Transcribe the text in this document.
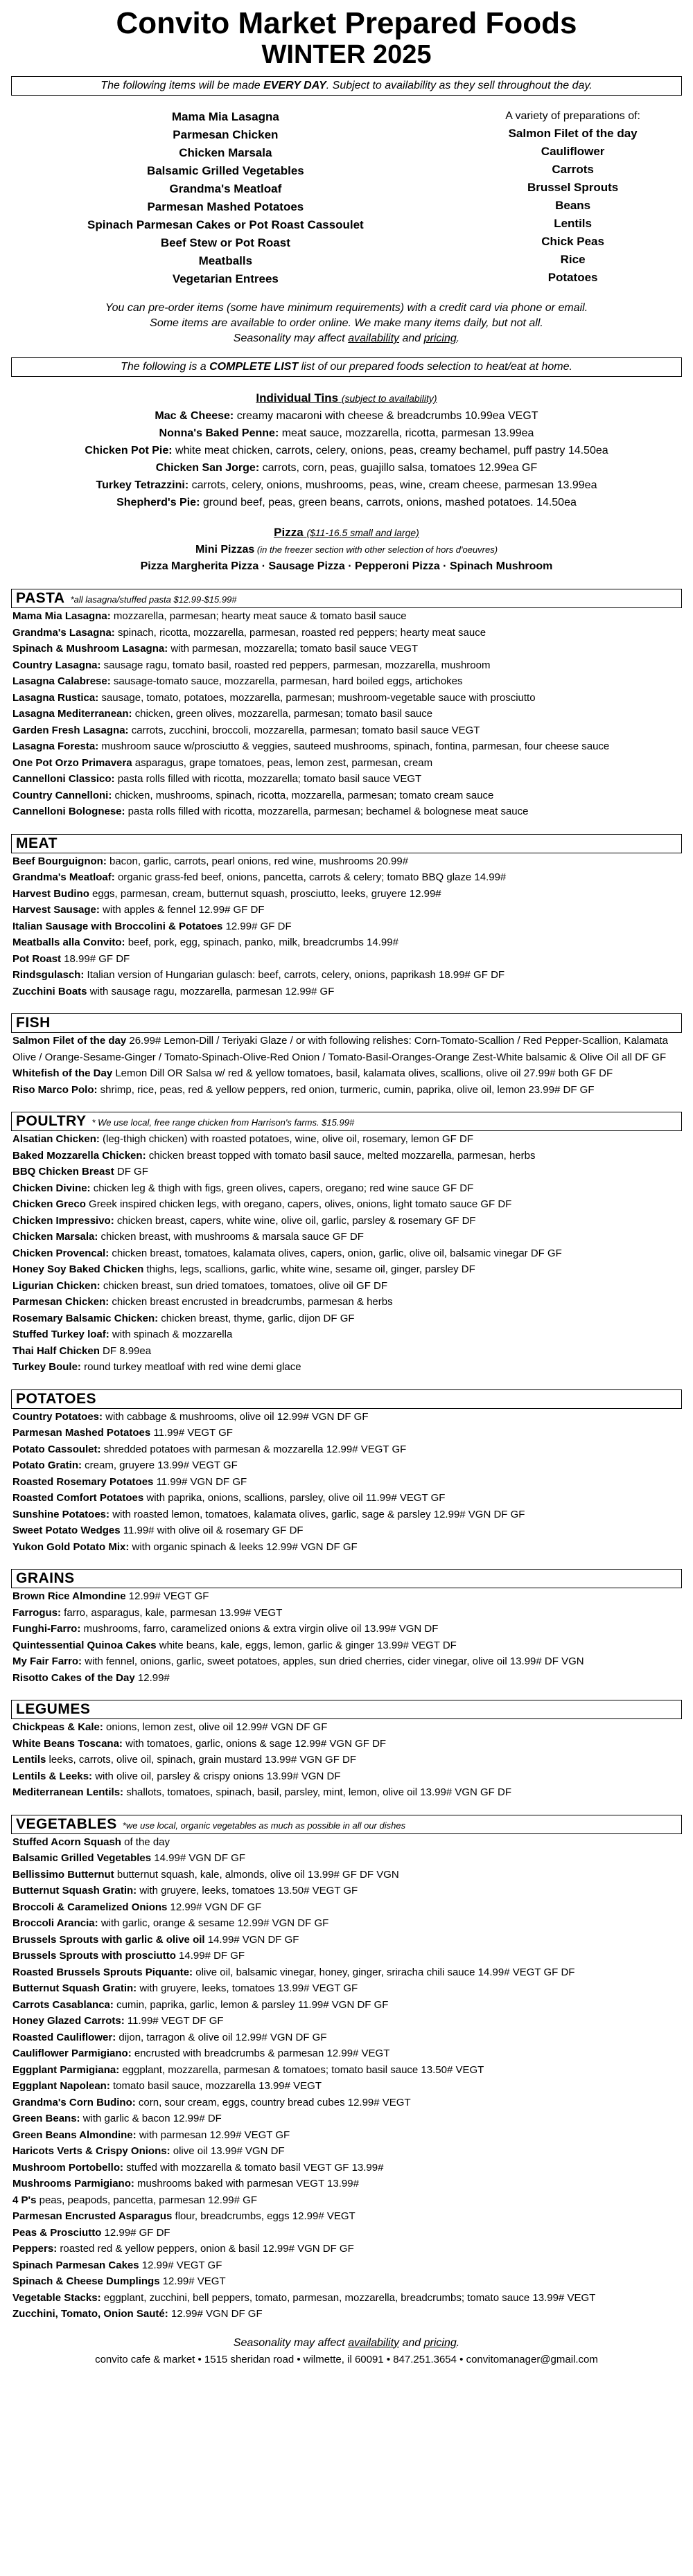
Convito Market Prepared Foods
WINTER 2025
The following items will be made EVERY DAY. Subject to availability as they sell throughout the day.
Mama Mia Lasagna
Parmesan Chicken
Chicken Marsala
Balsamic Grilled Vegetables
Grandma's Meatloaf
Parmesan Mashed Potatoes
Spinach Parmesan Cakes or Pot Roast Cassoulet
Beef Stew or Pot Roast
Meatballs
Vegetarian Entrees
A variety of preparations of:
Salmon Filet of the day
Cauliflower
Carrots
Brussel Sprouts
Beans
Lentils
Chick Peas
Rice
Potatoes
You can pre-order items (some have minimum requirements) with a credit card via phone or email.
Some items are available to order online. We make many items daily, but not all.
Seasonality may affect availability and pricing.
The following is a COMPLETE LIST list of our prepared foods selection to heat/eat at home.
Individual Tins (subject to availability)
Mac & Cheese: creamy macaroni with cheese & breadcrumbs 10.99ea VEGT
Nonna's Baked Penne: meat sauce, mozzarella, ricotta, parmesan 13.99ea
Chicken Pot Pie: white meat chicken, carrots, celery, onions, peas, creamy bechamel, puff pastry 14.50ea
Chicken San Jorge: carrots, corn, peas, guajillo salsa, tomatoes 12.99ea GF
Turkey Tetrazzini: carrots, celery, onions, mushrooms, peas, wine, cream cheese, parmesan 13.99ea
Shepherd's Pie: ground beef, peas, green beans, carrots, onions, mashed potatoes. 14.50ea
Pizza ($11-16.5 small and large)
Mini Pizzas (in the freezer section with other selection of hors d'oeuvres)
Pizza Margherita Pizza · Sausage Pizza · Pepperoni Pizza · Spinach Mushroom
PASTA *all lasagna/stuffed pasta $12.99-$15.99#
Mama Mia Lasagna: mozzarella, parmesan; hearty meat sauce & tomato basil sauce
Grandma's Lasagna: spinach, ricotta, mozzarella, parmesan, roasted red peppers; hearty meat sauce
Spinach & Mushroom Lasagna: with parmesan, mozzarella; tomato basil sauce VEGT
Country Lasagna: sausage ragu, tomato basil, roasted red peppers, parmesan, mozzarella, mushroom
Lasagna Calabrese: sausage-tomato sauce, mozzarella, parmesan, hard boiled eggs, artichokes
Lasagna Rustica: sausage, tomato, potatoes, mozzarella, parmesan; mushroom-vegetable sauce with prosciutto
Lasagna Mediterranean: chicken, green olives, mozzarella, parmesan; tomato basil sauce
Garden Fresh Lasagna: carrots, zucchini, broccoli, mozzarella, parmesan; tomato basil sauce VEGT
Lasagna Foresta: mushroom sauce w/prosciutto & veggies, sauteed mushrooms, spinach, fontina, parmesan, four cheese sauce
One Pot Orzo Primavera asparagus, grape tomatoes, peas, lemon zest, parmesan, cream
Cannelloni Classico: pasta rolls filled with ricotta, mozzarella; tomato basil sauce VEGT
Country Cannelloni: chicken, mushrooms, spinach, ricotta, mozzarella, parmesan; tomato cream sauce
Cannelloni Bolognese: pasta rolls filled with ricotta, mozzarella, parmesan; bechamel & bolognese meat sauce
MEAT
Beef Bourguignon: bacon, garlic, carrots, pearl onions, red wine, mushrooms 20.99#
Grandma's Meatloaf: organic grass-fed beef, onions, pancetta, carrots & celery; tomato BBQ glaze 14.99#
Harvest Budino eggs, parmesan, cream, butternut squash, prosciutto, leeks, gruyere 12.99#
Harvest Sausage: with apples & fennel 12.99# GF DF
Italian Sausage with Broccolini & Potatoes 12.99# GF DF
Meatballs alla Convito: beef, pork, egg, spinach, panko, milk, breadcrumbs 14.99#
Pot Roast 18.99# GF DF
Rindsgulasch: Italian version of Hungarian gulasch: beef, carrots, celery, onions, paprikash 18.99# GF DF
Zucchini Boats with sausage ragu, mozzarella, parmesan 12.99# GF
FISH
Salmon Filet of the day 26.99# Lemon-Dill / Teriyaki Glaze / or with following relishes: Corn-Tomato-Scallion / Red Pepper-Scallion, Kalamata Olive / Orange-Sesame-Ginger / Tomato-Spinach-Olive-Red Onion / Tomato-Basil-Oranges-Orange Zest-White balsamic & Olive Oil all DF GF
Whitefish of the Day Lemon Dill OR Salsa w/ red & yellow tomatoes, basil, kalamata olives, scallions, olive oil 27.99# both GF DF
Riso Marco Polo: shrimp, rice, peas, red & yellow peppers, red onion, turmeric, cumin, paprika, olive oil, lemon 23.99# DF GF
POULTRY * We use local, free range chicken from Harrison's farms. $15.99#
Alsatian Chicken: (leg-thigh chicken) with roasted potatoes, wine, olive oil, rosemary, lemon GF DF
Baked Mozzarella Chicken: chicken breast topped with tomato basil sauce, melted mozzarella, parmesan, herbs
BBQ Chicken Breast DF GF
Chicken Divine: chicken leg & thigh with figs, green olives, capers, oregano; red wine sauce GF DF
Chicken Greco Greek inspired chicken legs, with oregano, capers, olives, onions, light tomato sauce GF DF
Chicken Impressivo: chicken breast, capers, white wine, olive oil, garlic, parsley & rosemary GF DF
Chicken Marsala: chicken breast, with mushrooms & marsala sauce GF DF
Chicken Provencal: chicken breast, tomatoes, kalamata olives, capers, onion, garlic, olive oil, balsamic vinegar DF GF
Honey Soy Baked Chicken thighs, legs, scallions, garlic, white wine, sesame oil, ginger, parsley DF
Ligurian Chicken: chicken breast, sun dried tomatoes, tomatoes, olive oil GF DF
Parmesan Chicken: chicken breast encrusted in breadcrumbs, parmesan & herbs
Rosemary Balsamic Chicken: chicken breast, thyme, garlic, dijon DF GF
Stuffed Turkey loaf: with spinach & mozzarella
Thai Half Chicken DF 8.99ea
Turkey Boule: round turkey meatloaf with red wine demi glace
POTATOES
Country Potatoes: with cabbage & mushrooms, olive oil 12.99# VGN DF GF
Parmesan Mashed Potatoes 11.99# VEGT GF
Potato Cassoulet: shredded potatoes with parmesan & mozzarella 12.99# VEGT GF
Potato Gratin: cream, gruyere 13.99# VEGT GF
Roasted Rosemary Potatoes 11.99# VGN DF GF
Roasted Comfort Potatoes with paprika, onions, scallions, parsley, olive oil 11.99# VEGT GF
Sunshine Potatoes: with roasted lemon, tomatoes, kalamata olives, garlic, sage & parsley 12.99# VGN DF GF
Sweet Potato Wedges 11.99# with olive oil & rosemary GF DF
Yukon Gold Potato Mix: with organic spinach & leeks 12.99# VGN DF GF
GRAINS
Brown Rice Almondine 12.99# VEGT GF
Farrogus: farro, asparagus, kale, parmesan 13.99# VEGT
Funghi-Farro: mushrooms, farro, caramelized onions & extra virgin olive oil 13.99# VGN DF
Quintessential Quinoa Cakes white beans, kale, eggs, lemon, garlic & ginger 13.99# VEGT DF
My Fair Farro: with fennel, onions, garlic, sweet potatoes, apples, sun dried cherries, cider vinegar, olive oil 13.99# DF VGN
Risotto Cakes of the Day 12.99#
LEGUMES
Chickpeas & Kale: onions, lemon zest, olive oil 12.99# VGN DF GF
White Beans Toscana: with tomatoes, garlic, onions & sage 12.99# VGN GF DF
Lentils leeks, carrots, olive oil, spinach, grain mustard 13.99# VGN GF DF
Lentils & Leeks: with olive oil, parsley & crispy onions 13.99# VGN DF
Mediterranean Lentils: shallots, tomatoes, spinach, basil, parsley, mint, lemon, olive oil 13.99# VGN GF DF
VEGETABLES *we use local, organic vegetables as much as possible in all our dishes
Stuffed Acorn Squash of the day
Balsamic Grilled Vegetables 14.99# VGN DF GF
Bellissimo Butternut butternut squash, kale, almonds, olive oil 13.99# GF DF VGN
Butternut Squash Gratin: with gruyere, leeks, tomatoes 13.50# VEGT GF
Broccoli & Caramelized Onions 12.99# VGN DF GF
Broccoli Arancia: with garlic, orange & sesame 12.99# VGN DF GF
Brussels Sprouts with garlic & olive oil 14.99# VGN DF GF
Brussels Sprouts with prosciutto 14.99# DF GF
Roasted Brussels Sprouts Piquante: olive oil, balsamic vinegar, honey, ginger, sriracha chili sauce 14.99# VEGT GF DF
Butternut Squash Gratin: with gruyere, leeks, tomatoes 13.99# VEGT GF
Carrots Casablanca: cumin, paprika, garlic, lemon & parsley 11.99# VGN DF GF
Honey Glazed Carrots: 11.99# VEGT DF GF
Roasted Cauliflower: dijon, tarragon & olive oil 12.99# VGN DF GF
Cauliflower Parmigiano: encrusted with breadcrumbs & parmesan 12.99# VEGT
Eggplant Parmigiana: eggplant, mozzarella, parmesan & tomatoes; tomato basil sauce 13.50# VEGT
Eggplant Napolean: tomato basil sauce, mozzarella 13.99# VEGT
Grandma's Corn Budino: corn, sour cream, eggs, country bread cubes 12.99# VEGT
Green Beans: with garlic & bacon 12.99# DF
Green Beans Almondine: with parmesan 12.99# VEGT GF
Haricots Verts & Crispy Onions: olive oil 13.99# VGN DF
Mushroom Portobello: stuffed with mozzarella & tomato basil VEGT GF 13.99#
Mushrooms Parmigiano: mushrooms baked with parmesan VEGT 13.99#
4 P's peas, peapods, pancetta, parmesan 12.99# GF
Parmesan Encrusted Asparagus flour, breadcrumbs, eggs 12.99# VEGT
Peas & Prosciutto 12.99# GF DF
Peppers: roasted red & yellow peppers, onion & basil 12.99# VGN DF GF
Spinach Parmesan Cakes 12.99# VEGT GF
Spinach & Cheese Dumplings 12.99# VEGT
Vegetable Stacks: eggplant, zucchini, bell peppers, tomato, parmesan, mozzarella, breadcrumbs; tomato sauce 13.99# VEGT
Zucchini, Tomato, Onion Sauté: 12.99# VGN DF GF
Seasonality may affect availability and pricing.
convito cafe & market • 1515 sheridan road • wilmette, il 60091 • 847.251.3654 • convitomanager@gmail.com
